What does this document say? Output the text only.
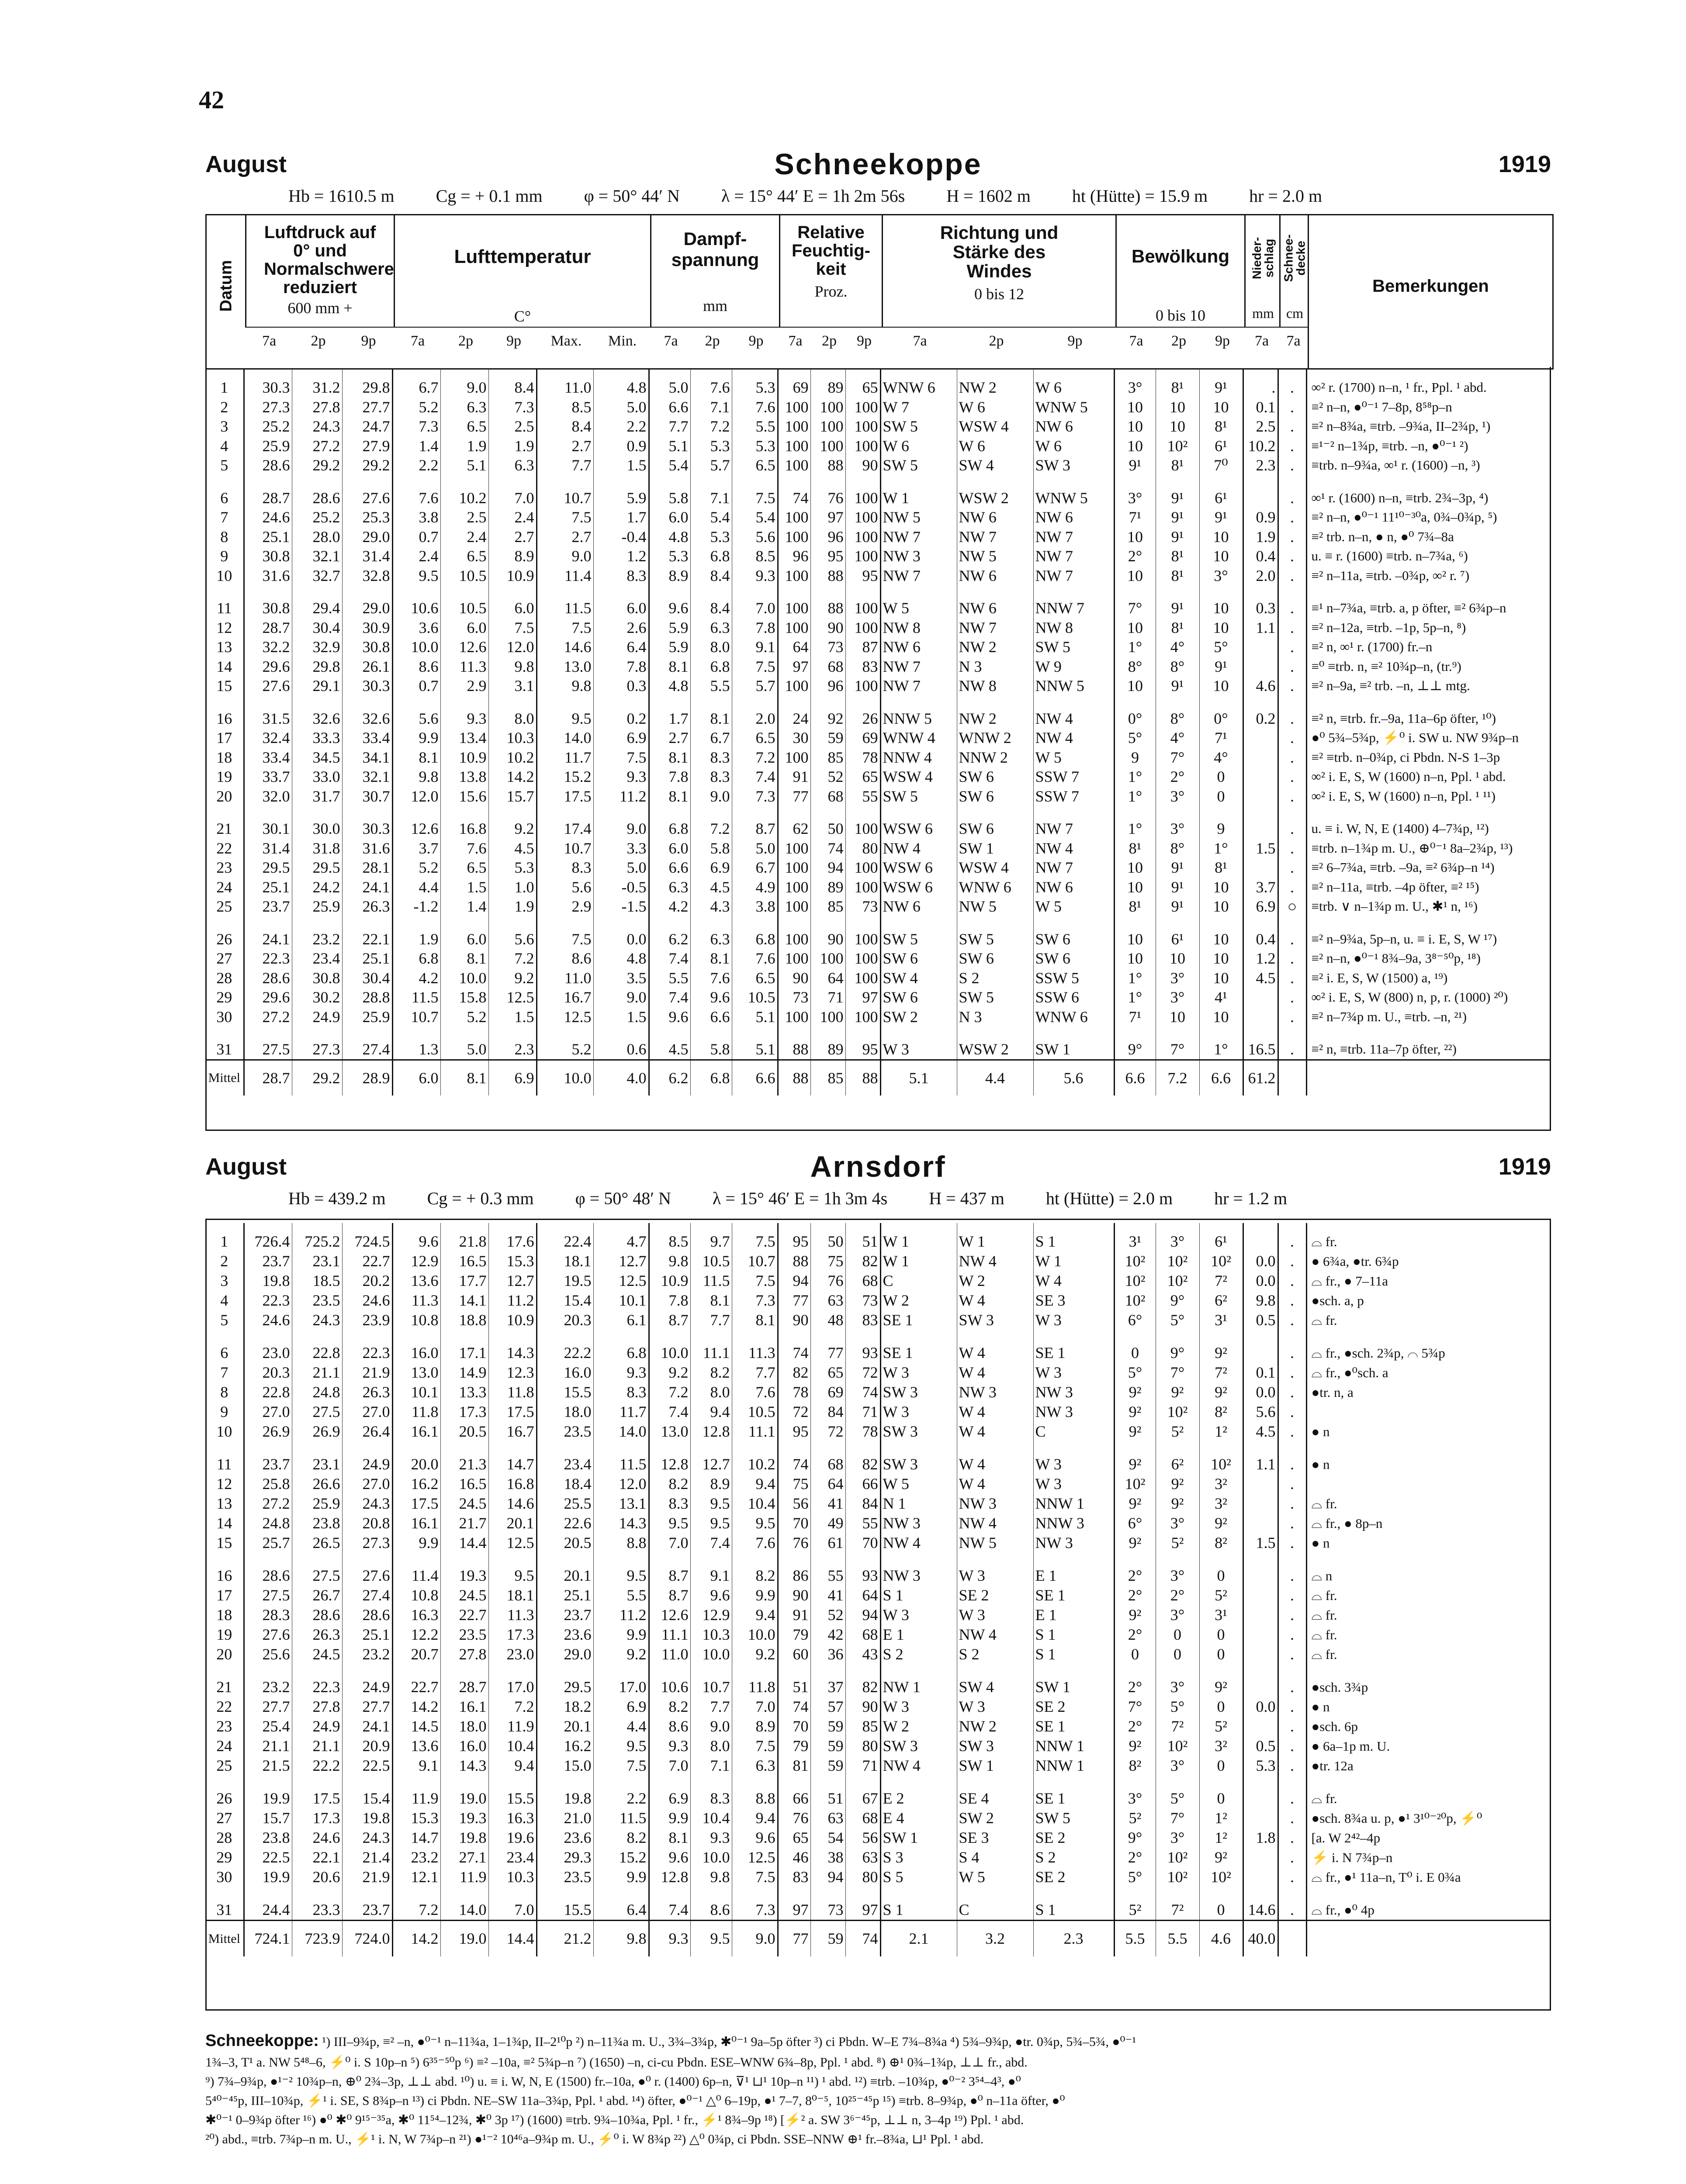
42
August	Schneekoppe	1919
Hb = 1610.5 m	Cg = + 0.1 mm	φ = 50° 44′ N	λ = 15° 44′ E = 1h 2m 56s	H = 1602 m	ht (Hütte) = 15.9 m	hr = 2.0 m
Datum
Luftdruck auf 0° und Normalschwere reduziert
600 mm +
Lufttemperatur
C°
Dampf-spannung
mm
Relative Feuchtig-keit
Proz.
Richtung und Stärke des Windes
0 bis 12
Bewölkung
0 bis 10
Nieder-schlag
mm
Schnee-decke
cm
Bemerkungen
7a	2p	9p	7a	2p	9p	Max.	Min.	7a	2p	9p	7a	2p	9p	7a	2p	9p	7a	2p	9p	7a	7a
1	30.3	31.2	29.8	6.7	9.0	8.4	11.0	4.8	5.0	7.6	5.3	69	89	65	WNW 6	NW 2	W 6	3°	8¹	9¹	.	.	∞² r. (1700) n–n, ¹ fr., Ppl. ¹ abd.
2	27.3	27.8	27.7	5.2	6.3	7.3	8.5	5.0	6.6	7.1	7.6	100	100	100	W 7	W 6	WNW 5	10	10	10	0.1	.	≡² n–n, ●⁰⁻¹ 7–8p, 8⁵⁸p–n
3	25.2	24.3	24.7	7.3	6.5	2.5	8.4	2.2	7.7	7.2	5.5	100	100	100	SW 5	WSW 4	NW 6	10	10	8¹	2.5	.	≡² n–8¾a, ≡trb. –9¾a, II–2¾p, ¹)
4	25.9	27.2	27.9	1.4	1.9	1.9	2.7	0.9	5.1	5.3	5.3	100	100	100	W 6	W 6	W 6	10	10²	6¹	10.2	.	≡¹⁻² n–1¾p, ≡trb. –n, ●⁰⁻¹ ²)
5	28.6	29.2	29.2	2.2	5.1	6.3	7.7	1.5	5.4	5.7	6.5	100	88	90	SW 5	SW 4	SW 3	9¹	8¹	7⁰	2.3	.	≡trb. n–9¾a, ∞¹ r. (1600) –n, ³)
6	28.7	28.6	27.6	7.6	10.2	7.0	10.7	5.9	5.8	7.1	7.5	74	76	100	W 1	WSW 2	WNW 5	3°	9¹	6¹		.	∞¹ r. (1600) n–n, ≡trb. 2¾–3p, ⁴)
7	24.6	25.2	25.3	3.8	2.5	2.4	7.5	1.7	6.0	5.4	5.4	100	97	100	NW 5	NW 6	NW 6	7¹	9¹	9¹	0.9	.	≡² n–n, ●⁰⁻¹ 11¹⁰⁻³⁰a, 0¾–0¾p, ⁵)
8	25.1	28.0	29.0	0.7	2.4	2.7	2.7	-0.4	4.8	5.3	5.6	100	96	100	NW 7	NW 7	NW 7	10	9¹	10	1.9	.	≡² trb. n–n, ● n, ●⁰ 7¾–8a
9	30.8	32.1	31.4	2.4	6.5	8.9	9.0	1.2	5.3	6.8	8.5	96	95	100	NW 3	NW 5	NW 7	2°	8¹	10	0.4	.	u. ≡ r. (1600) ≡trb. n–7¾a, ⁶)
10	31.6	32.7	32.8	9.5	10.5	10.9	11.4	8.3	8.9	8.4	9.3	100	88	95	NW 7	NW 6	NW 7	10	8¹	3°	2.0	.	≡² n–11a, ≡trb. –0¾p, ∞² r. ⁷)
11	30.8	29.4	29.0	10.6	10.5	6.0	11.5	6.0	9.6	8.4	7.0	100	88	100	W 5	NW 6	NNW 7	7°	9¹	10	0.3	.	≡¹ n–7¾a, ≡trb. a, p öfter, ≡² 6¾p–n
12	28.7	30.4	30.9	3.6	6.0	7.5	7.5	2.6	5.9	6.3	7.8	100	90	100	NW 8	NW 7	NW 8	10	8¹	10	1.1	.	≡² n–12a, ≡trb. –1p, 5p–n, ⁸)
13	32.2	32.9	30.8	10.0	12.6	12.0	14.6	6.4	5.9	8.0	9.1	64	73	87	NW 6	NW 2	SW 5	1°	4°	5°		.	≡² n, ∞¹ r. (1700) fr.–n
14	29.6	29.8	26.1	8.6	11.3	9.8	13.0	7.8	8.1	6.8	7.5	97	68	83	NW 7	N 3	W 9	8°	8°	9¹		.	≡⁰ ≡trb. n, ≡² 10¾p–n, (tr.⁹)
15	27.6	29.1	30.3	0.7	2.9	3.1	9.8	0.3	4.8	5.5	5.7	100	96	100	NW 7	NW 8	NNW 5	10	9¹	10	4.6	.	≡² n–9a, ≡² trb. –n, ⊥⊥ mtg.
16	31.5	32.6	32.6	5.6	9.3	8.0	9.5	0.2	1.7	8.1	2.0	24	92	26	NNW 5	NW 2	NW 4	0°	8°	0°	0.2	.	≡² n, ≡trb. fr.–9a, 11a–6p öfter, ¹⁰)
17	32.4	33.3	33.4	9.9	13.4	10.3	14.0	6.9	2.7	6.7	6.5	30	59	69	WNW 4	WNW 2	NW 4	5°	4°	7¹		.	●⁰ 5¾–5¾p, ⚡⁰ i. SW u. NW 9¾p–n
18	33.4	34.5	34.1	8.1	10.9	10.2	11.7	7.5	8.1	8.3	7.2	100	85	78	NNW 4	NNW 2	W 5	9	7°	4°		.	≡² ≡trb. n–0¾p, ci Pbdn. N-S 1–3p
19	33.7	33.0	32.1	9.8	13.8	14.2	15.2	9.3	7.8	8.3	7.4	91	52	65	WSW 4	SW 6	SSW 7	1°	2°	0		.	∞² i. E, S, W (1600) n–n, Ppl. ¹ abd.
20	32.0	31.7	30.7	12.0	15.6	15.7	17.5	11.2	8.1	9.0	7.3	77	68	55	SW 5	SW 6	SSW 7	1°	3°	0		.	∞² i. E, S, W (1600) n–n, Ppl. ¹ ¹¹)
21	30.1	30.0	30.3	12.6	16.8	9.2	17.4	9.0	6.8	7.2	8.7	62	50	100	WSW 6	SW 6	NW 7	1°	3°	9		.	u. ≡ i. W, N, E (1400) 4–7¾p, ¹²)
22	31.4	31.8	31.6	3.7	7.6	4.5	10.7	3.3	6.0	5.8	5.0	100	74	80	NW 4	SW 1	NW 4	8¹	8°	1°	1.5	.	≡trb. n–1¾p m. U., ⊕⁰⁻¹ 8a–2¾p, ¹³)
23	29.5	29.5	28.1	5.2	6.5	5.3	8.3	5.0	6.6	6.9	6.7	100	94	100	WSW 6	WSW 4	NW 7	10	9¹	8¹		.	≡² 6–7¾a, ≡trb. –9a, ≡² 6¾p–n ¹⁴)
24	25.1	24.2	24.1	4.4	1.5	1.0	5.6	-0.5	6.3	4.5	4.9	100	89	100	WSW 6	WNW 6	NW 6	10	9¹	10	3.7	.	≡² n–11a, ≡trb. –4p öfter, ≡² ¹⁵)
25	23.7	25.9	26.3	-1.2	1.4	1.9	2.9	-1.5	4.2	4.3	3.8	100	85	73	NW 6	NW 5	W 5	8¹	9¹	10	6.9	○	≡trb. ∨ n–1¾p m. U., ✱¹ n, ¹⁶)
26	24.1	23.2	22.1	1.9	6.0	5.6	7.5	0.0	6.2	6.3	6.8	100	90	100	SW 5	SW 5	SW 6	10	6¹	10	0.4	.	≡² n–9¾a, 5p–n, u. ≡ i. E, S, W ¹⁷)
27	22.3	23.4	25.1	6.8	8.1	7.2	8.6	4.8	7.4	8.1	7.6	100	100	100	SW 6	SW 6	SW 6	10	10	10	1.2	.	≡² n–n, ●⁰⁻¹ 8¾–9a, 3⁸⁻⁵⁰p, ¹⁸)
28	28.6	30.8	30.4	4.2	10.0	9.2	11.0	3.5	5.5	7.6	6.5	90	64	100	SW 4	S 2	SSW 5	1°	3°	10	4.5	.	≡² i. E, S, W (1500) a, ¹⁹)
29	29.6	30.2	28.8	11.5	15.8	12.5	16.7	9.0	7.4	9.6	10.5	73	71	97	SW 6	SW 5	SSW 6	1°	3°	4¹		.	∞² i. E, S, W (800) n, p, r. (1000) ²⁰)
30	27.2	24.9	25.9	10.7	5.2	1.5	12.5	1.5	9.6	6.6	5.1	100	100	100	SW 2	N 3	WNW 6	7¹	10	10		.	≡² n–7¾p m. U., ≡trb. –n, ²¹)
31	27.5	27.3	27.4	1.3	5.0	2.3	5.2	0.6	4.5	5.8	5.1	88	89	95	W 3	WSW 2	SW 1	9°	7°	1°	16.5	.	≡² n, ≡trb. 11a–7p öfter, ²²)
Mittel	28.7	29.2	28.9	6.0	8.1	6.9	10.0	4.0	6.2	6.8	6.6	88	85	88	5.1	4.4	5.6	6.6	7.2	6.6	61.2		
August	Arnsdorf	1919
Hb = 439.2 m	Cg = + 0.3 mm	φ = 50° 48′ N	λ = 15° 46′ E = 1h 3m 4s	H = 437 m	ht (Hütte) = 2.0 m	hr = 1.2 m
1	726.4	725.2	724.5	9.6	21.8	17.6	22.4	4.7	8.5	9.7	7.5	95	50	51	W 1	W 1	S 1	3¹	3°	6¹		.	⌓ fr.
2	23.7	23.1	22.7	12.9	16.5	15.3	18.1	12.7	9.8	10.5	10.7	88	75	82	W 1	NW 4	W 1	10²	10²	10²	0.0	.	● 6¾a, ●tr. 6¾p
3	19.8	18.5	20.2	13.6	17.7	12.7	19.5	12.5	10.9	11.5	7.5	94	76	68	C	W 2	W 4	10²	10²	7²	0.0	.	⌓ fr., ● 7–11a
4	22.3	23.5	24.6	11.3	14.1	11.2	15.4	10.1	7.8	8.1	7.3	77	63	73	W 2	W 4	SE 3	10²	9°	6²	9.8	.	●sch. a, p
5	24.6	24.3	23.9	10.8	18.8	10.9	20.3	6.1	8.7	7.7	8.1	90	48	83	SE 1	SW 3	W 3	6°	5°	3¹	0.5	.	⌓ fr.
6	23.0	22.8	22.3	16.0	17.1	14.3	22.2	6.8	10.0	11.1	11.3	74	77	93	SE 1	W 4	SE 1	0	9°	9²		.	⌓ fr., ●sch. 2¾p, ⌒ 5¾p
7	20.3	21.1	21.9	13.0	14.9	12.3	16.0	9.3	9.2	8.2	7.7	82	65	72	W 3	W 4	W 3	5°	7°	7²	0.1	.	⌓ fr., ●⁰sch. a
8	22.8	24.8	26.3	10.1	13.3	11.8	15.5	8.3	7.2	8.0	7.6	78	69	74	SW 3	NW 3	NW 3	9²	9²	9²	0.0	.	●tr. n, a
9	27.0	27.5	27.0	11.8	17.3	17.5	18.0	11.7	7.4	9.4	10.5	72	84	71	W 3	W 4	NW 3	9²	10²	8²	5.6	.	
10	26.9	26.9	26.4	16.1	20.5	16.7	23.5	14.0	13.0	12.8	11.1	95	72	78	SW 3	W 4	C	9²	5²	1²	4.5	.	● n
11	23.7	23.1	24.9	20.0	21.3	14.7	23.4	11.5	12.8	12.7	10.2	74	68	82	SW 3	W 4	W 3	9²	6²	10²	1.1	.	● n
12	25.8	26.6	27.0	16.2	16.5	16.8	18.4	12.0	8.2	8.9	9.4	75	64	66	W 5	W 4	W 3	10²	9²	3²		.	
13	27.2	25.9	24.3	17.5	24.5	14.6	25.5	13.1	8.3	9.5	10.4	56	41	84	N 1	NW 3	NNW 1	9²	9²	3²		.	⌓ fr.
14	24.8	23.8	20.8	16.1	21.7	20.1	22.6	14.3	9.5	9.5	9.5	70	49	55	NW 3	NW 4	NNW 3	6°	3°	9²		.	⌓ fr., ● 8p–n
15	25.7	26.5	27.3	9.9	14.4	12.5	20.5	8.8	7.0	7.4	7.6	76	61	70	NW 4	NW 5	NW 3	9²	5²	8²	1.5	.	● n
16	28.6	27.5	27.6	11.4	19.3	9.5	20.1	9.5	8.7	9.1	8.2	86	55	93	NW 3	W 3	E 1	2°	3°	0		.	⌓ n
17	27.5	26.7	27.4	10.8	24.5	18.1	25.1	5.5	8.7	9.6	9.9	90	41	64	S 1	SE 2	SE 1	2°	2°	5²		.	⌓ fr.
18	28.3	28.6	28.6	16.3	22.7	11.3	23.7	11.2	12.6	12.9	9.4	91	52	94	W 3	W 3	E 1	9²	3°	3¹		.	⌓ fr.
19	27.6	26.3	25.1	12.2	23.5	17.3	23.6	9.9	11.1	10.3	10.0	79	42	68	E 1	NW 4	S 1	2°	0	0		.	⌓ fr.
20	25.6	24.5	23.2	20.7	27.8	23.0	29.0	9.2	11.0	10.0	9.2	60	36	43	S 2	S 2	S 1	0	0	0		.	⌓ fr.
21	23.2	22.3	24.9	22.7	28.7	17.0	29.5	17.0	10.6	10.7	11.8	51	37	82	NW 1	SW 4	SW 1	2°	3°	9²		.	●sch. 3¾p
22	27.7	27.8	27.7	14.2	16.1	7.2	18.2	6.9	8.2	7.7	7.0	74	57	90	W 3	W 3	SE 2	7°	5°	0	0.0	.	● n
23	25.4	24.9	24.1	14.5	18.0	11.9	20.1	4.4	8.6	9.0	8.9	70	59	85	W 2	NW 2	SE 1	2°	7²	5²		.	●sch. 6p
24	21.1	21.1	20.9	13.6	16.0	10.4	16.2	9.5	9.3	8.0	7.5	79	59	80	SW 3	SW 3	NNW 1	9²	10²	3²	0.5	.	● 6a–1p m. U.
25	21.5	22.2	22.5	9.1	14.3	9.4	15.0	7.5	7.0	7.1	6.3	81	59	71	NW 4	SW 1	NNW 1	8²	3°	0	5.3	.	●tr. 12a
26	19.9	17.5	15.4	11.9	19.0	15.5	19.8	2.2	6.9	8.3	8.8	66	51	67	E 2	SE 4	SE 1	3°	5°	0		.	⌓ fr.
27	15.7	17.3	19.8	15.3	19.3	16.3	21.0	11.5	9.9	10.4	9.4	76	63	68	E 4	SW 2	SW 5	5²	7°	1²		.	●sch. 8¾a u. p, ●¹ 3¹⁰⁻²⁰p, ⚡⁰
28	23.8	24.6	24.3	14.7	19.8	19.6	23.6	8.2	8.1	9.3	9.6	65	54	56	SW 1	SE 3	SE 2	9°	3°	1²	1.8	.	[a. W 2⁴²–4p
29	22.5	22.1	21.4	23.2	27.1	23.4	29.3	15.2	9.6	10.0	12.5	46	38	63	S 3	S 4	S 2	2°	10²	9²		.	⚡ i. N 7¾p–n
30	19.9	20.6	21.9	12.1	11.9	10.3	23.5	9.9	12.8	9.8	7.5	83	94	80	S 5	W 5	SE 2	5°	10²	10²		.	⌓ fr., ●¹ 11a–n, T⁰ i. E 0¾a
31	24.4	23.3	23.7	7.2	14.0	7.0	15.5	6.4	7.4	8.6	7.3	97	73	97	S 1	C	S 1	5²	7²	0	14.6	.	⌓ fr., ●⁰ 4p
Mittel	724.1	723.9	724.0	14.2	19.0	14.4	21.2	9.8	9.3	9.5	9.0	77	59	74	2.1	3.2	2.3	5.5	5.5	4.6	40.0		
Schneekoppe: ¹) III–9¾p, ≡² –n, ●⁰⁻¹ n–11¾a, 1–1¾p, II–2¹⁰p ²) n–11¾a m. U., 3¾–3¾p, ✱⁰⁻¹ 9a–5p öfter ³) ci Pbdn. W–E 7¾–8¾a ⁴) 5¾–9¾p, ●tr. 0¾p, 5¾–5¾, ●⁰⁻¹
1¾–3, T¹ a. NW 5⁴⁸–6, ⚡⁰ i. S 10p–n ⁵) 6³⁵⁻⁵⁰p ⁶) ≡² –10a, ≡² 5¾p–n ⁷) (1650) –n, ci-cu Pbdn. ESE–WNW 6¾–8p, Ppl. ¹ abd. ⁸) ⊕¹ 0¾–1¾p, ⊥⊥ fr., abd.
⁹) 7¾–9¾p, ●¹⁻² 10¾p–n, ⊕⁰ 2¾–3p, ⊥⊥ abd. ¹⁰) u. ≡ i. W, N, E (1500) fr.–10a, ●⁰ r. (1400) 6p–n, ⊽¹ ⊔¹ 10p–n ¹¹) ¹ abd. ¹²) ≡trb. –10¾p, ●⁰⁻² 3⁵⁴–4³, ●⁰
5⁴⁰⁻⁴⁵p, III–10¾p, ⚡¹ i. SE, S 8¾p–n ¹³) ci Pbdn. NE–SW 11a–3¾p, Ppl. ¹ abd. ¹⁴) öfter, ●⁰⁻¹ △⁰ 6–19p, ●¹ 7–7, 8⁰⁻⁵, 10²⁵⁻⁴⁵p ¹⁵) ≡trb. 8–9¾p, ●⁰ n–11a öfter, ●⁰
✱⁰⁻¹ 0–9¾p öfter ¹⁶) ●⁰ ✱⁰ 9¹⁵⁻³⁵a, ✱⁰ 11⁵⁴–12¾, ✱⁰ 3p ¹⁷) (1600) ≡trb. 9¾–10¾a, Ppl. ¹ fr., ⚡¹ 8¾–9p ¹⁸) [⚡² a. SW 3⁶⁻⁴⁵p, ⊥⊥ n, 3–4p ¹⁹) Ppl. ¹ abd.
²⁰) abd., ≡trb. 7¾p–n m. U., ⚡¹ i. N, W 7¾p–n ²¹) ●¹⁻² 10⁴⁶a–9¾p m. U., ⚡⁰ i. W 8¾p ²²) △⁰ 0¾p, ci Pbdn. SSE–NNW ⊕¹ fr.–8¾a, ⊔¹ Ppl. ¹ abd.
